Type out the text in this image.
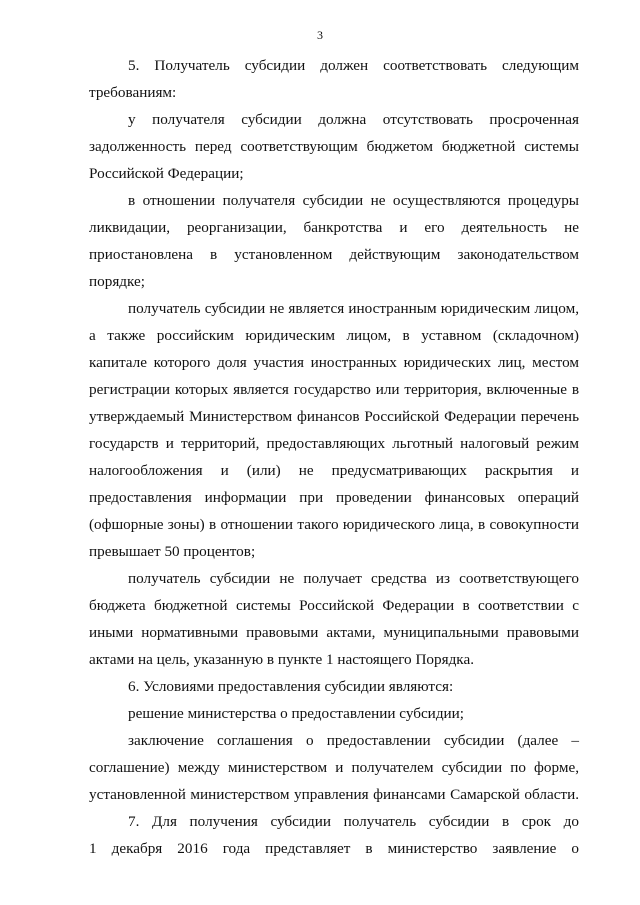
3
5. Получатель субсидии должен соответствовать следующим
требованиям:
у получателя субсидии должна отсутствовать просроченная
задолженность перед соответствующим бюджетом бюджетной системы
Российской Федерации;
в отношении получателя субсидии не осуществляются процедуры
ликвидации, реорганизации, банкротства и его деятельность не
приостановлена в установленном действующим законодательством
порядке;
получатель субсидии не является иностранным юридическим лицом,
а также российским юридическим лицом, в уставном (складочном)
капитале которого доля участия иностранных юридических лиц, местом
регистрации которых является государство или территория, включенные в
утверждаемый Министерством финансов Российской Федерации перечень
государств и территорий, предоставляющих льготный налоговый режим
налогообложения и (или) не предусматривающих раскрытия и
предоставления информации при проведении финансовых операций
(офшорные зоны) в отношении такого юридического лица, в совокупности
превышает 50 процентов;
получатель субсидии не получает средства из соответствующего
бюджета бюджетной системы Российской Федерации в соответствии с
иными нормативными правовыми актами, муниципальными правовыми
актами на цель, указанную в пункте 1 настоящего Порядка.
6. Условиями предоставления субсидии являются:
решение министерства о предоставлении субсидии;
заключение соглашения о предоставлении субсидии (далее –
соглашение) между министерством и получателем субсидии по форме,
установленной министерством управления финансами Самарской области.
7. Для получения субсидии получатель субсидии в срок до
1 декабря 2016 года представляет в министерство заявление о
